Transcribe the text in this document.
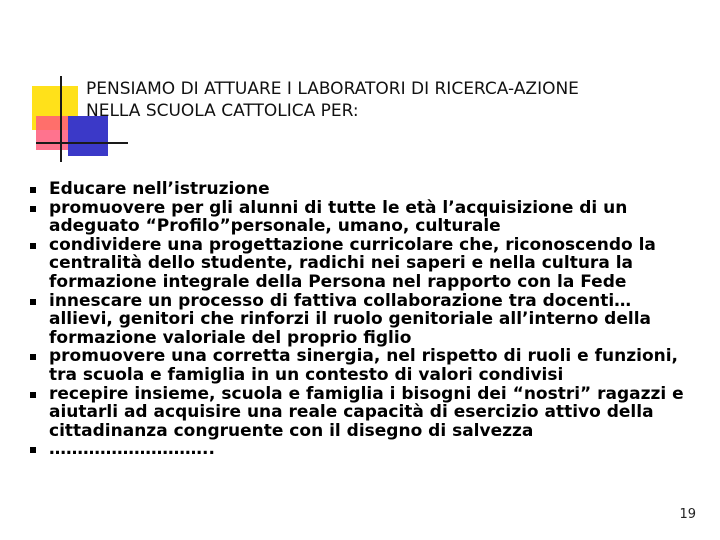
PENSIAMO DI ATTUARE I LABORATORI DI RICERCA-AZIONE
NELLA SCUOLA CATTOLICA PER:
Educare nell’istruzione
promuovere per gli alunni di tutte le età l’acquisizione di un adeguato “Profilo”personale, umano, culturale
condividere una progettazione curricolare che, riconoscendo la centralità dello studente, radichi nei saperi e nella cultura la formazione integrale della Persona nel rapporto con la Fede
innescare un processo di fattiva collaborazione tra docenti… allievi, genitori che rinforzi il ruolo genitoriale all’interno della formazione valoriale del proprio figlio
promuovere una corretta sinergia, nel rispetto di ruoli e funzioni, tra scuola e famiglia in un contesto di valori condivisi
recepire insieme, scuola e famiglia i bisogni dei “nostri” ragazzi e aiutarli ad acquisire una reale capacità di esercizio attivo della cittadinanza congruente con il disegno di salvezza
………………………..
19
